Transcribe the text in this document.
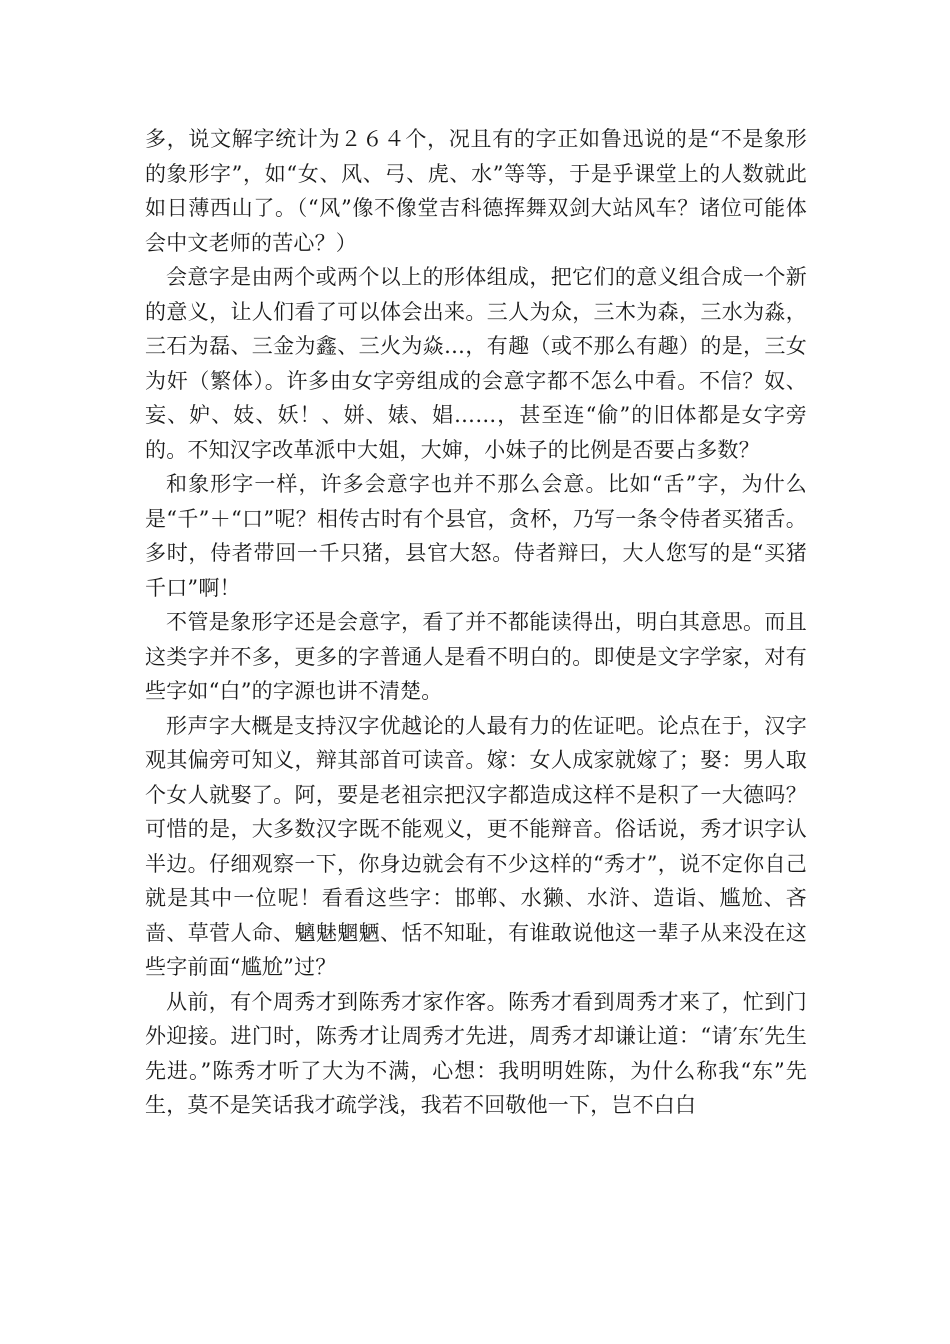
多，说文解字统计为２６４个，况且有的字正如鲁迅说的是“不是象形的象形字”，如“女、风、弓、虎、水”等等，于是乎课堂上的人数就此如日薄西山了。（“风”像不像堂吉科德挥舞双剑大站风车？诸位可能体会中文老师的苦心？）

会意字是由两个或两个以上的形体组成，把它们的意义组合成一个新的意义，让人们看了可以体会出来。三人为众，三木为森，三水为淼，三石为磊、三金为鑫、三火为焱…，有趣（或不那么有趣）的是，三女为奸（繁体）。许多由女字旁组成的会意字都不怎么中看。不信？奴、妄、妒、妓、妖！、姘、婊、娼……，甚至连“偷”的旧体都是女字旁的。不知汉字改革派中大姐，大婶，小妹子的比例是否要占多数？

和象形字一样，许多会意字也并不那么会意。比如“舌”字，为什么是“千”＋“口”呢？相传古时有个县官，贪杯，乃写一条令侍者买猪舌。多时，侍者带回一千只猪，县官大怒。侍者辩曰，大人您写的是“买猪千口”啊！

不管是象形字还是会意字，看了并不都能读得出，明白其意思。而且这类字并不多，更多的字普通人是看不明白的。即使是文字学家，对有些字如“白”的字源也讲不清楚。

形声字大概是支持汉字优越论的人最有力的佐证吧。论点在于，汉字观其偏旁可知义，辩其部首可读音。嫁：女人成家就嫁了；娶：男人取个女人就娶了。阿，要是老祖宗把汉字都造成这样不是积了一大德吗？可惜的是，大多数汉字既不能观义，更不能辩音。俗话说，秀才识字认半边。仔细观察一下，你身边就会有不少这样的“秀才”，说不定你自己就是其中一位呢！看看这些字：邯郸、水獭、水浒、造诣、尴尬、吝啬、草菅人命、魑魅魍魉、恬不知耻，有谁敢说他这一辈子从来没在这些字前面“尴尬”过？

从前，有个周秀才到陈秀才家作客。陈秀才看到周秀才来了，忙到门外迎接。进门时，陈秀才让周秀才先进，周秀才却谦让道：“请′东′先生先进。”陈秀才听了大为不满，心想：我明明姓陈，为什么称我“东”先生，莫不是笑话我才疏学浅，我若不回敬他一下，岂不白白
